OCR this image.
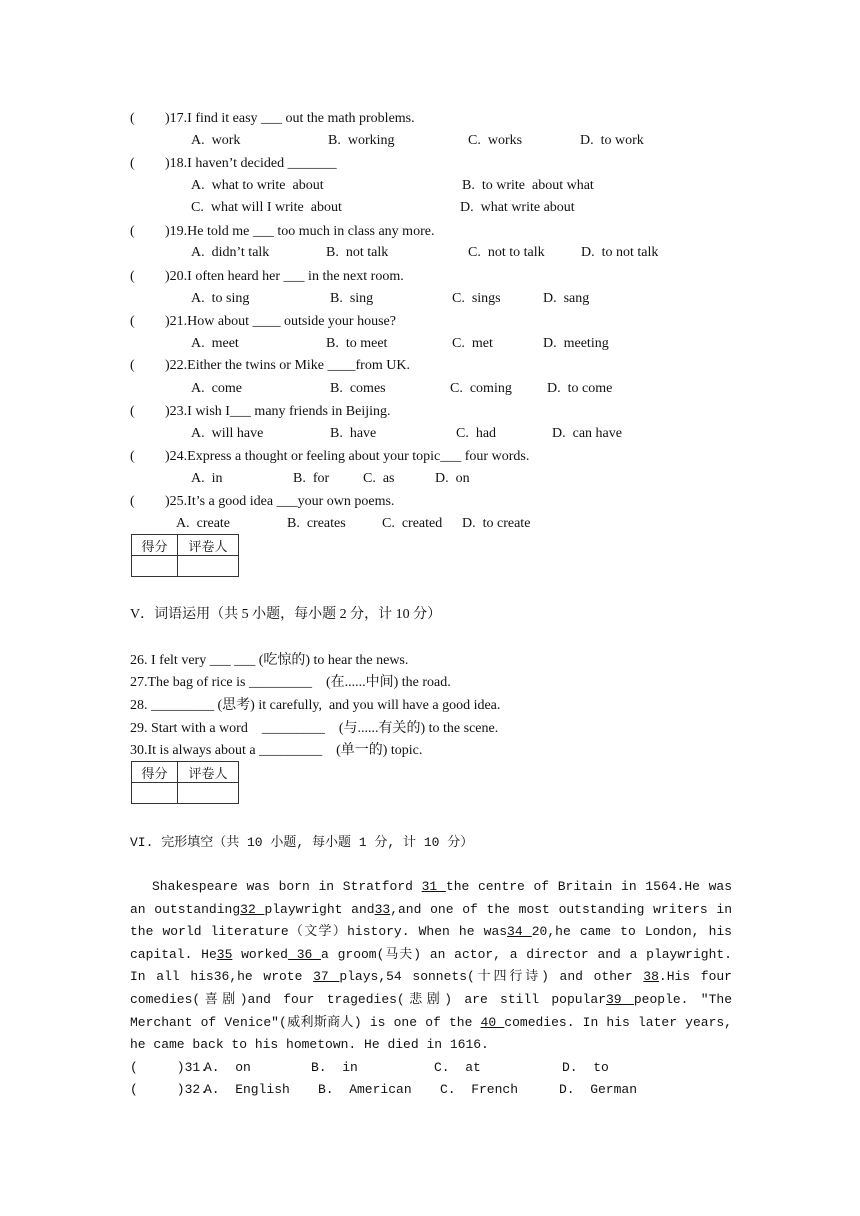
( )17.I find it easy ___ out the math problems.
A.  work	B.  working	C.  works	D.  to work
( )18.I haven’t decided _______
A.  what to write  about	B.  to write  about what
C.  what will I write  about	D.  what write about
( )19.He told me ___ too much in class any more.
A.  didn’t talk	B.  not talk	C.  not to talk	D.  to not talk
( )20.I often heard her ___ in the next room.
A.  to sing	B.  sing	C.  sings	D.  sang
( )21.How about ____ outside your house?
A.  meet	B.  to meet	C.  met	D.  meeting
( )22.Either the twins or Mike ____from UK.
A.  come	B.  comes	C.  coming	D.  to come
( )23.I wish I___ many friends in Beijing.
A.  will have	B.  have	C.  had	D.  can have
( )24.Express a thought or feeling about your topic___ four words.
A.  in	B.  for C.  as	D.  on
( )25.It’s a good idea ___your own poems.
A.  create	B.  creates	C.  created D.  to create
得分	评卷人

V．词语运用（共 5 小题，每小题 2 分，计 10 分）
26. I felt very ___ ___ (吃惊的) to hear the news.
27.The bag of rice is _________    (在......中间) the road.
28. _________ (思考) it carefully,  and you will have a good idea.
29. Start with a word    _________    (与......有关的) to the scene.
30.It is always about a _________    (单一的) topic.
得分	评卷人

VI. 完形填空（共 10 小题, 每小题 1 分, 计 10 分）
Shakespeare was born in Stratford 31 the centre of Britain in 1564.He was an outstanding32 playwright and33,and one of the most outstanding writers in the world literature（文学）history. When he was34 20,he came to London, his capital. He35 worked 36 a groom(马夫) an actor, a director and a playwright. In all his36,he wrote 37 plays,54 sonnets(十四行诗) and other 38.His four comedies(喜剧)and four tragedies(悲剧) are still popular39 people. "The Merchant of Venice"(威利斯商人) is one of the 40 comedies. In his later years, he came back to his hometown. He died in 1616.
(     )31.
A.  on	B.  in	C.  at	D.  to
(     )32.
A.  English B.  American C.  French	D.  German
